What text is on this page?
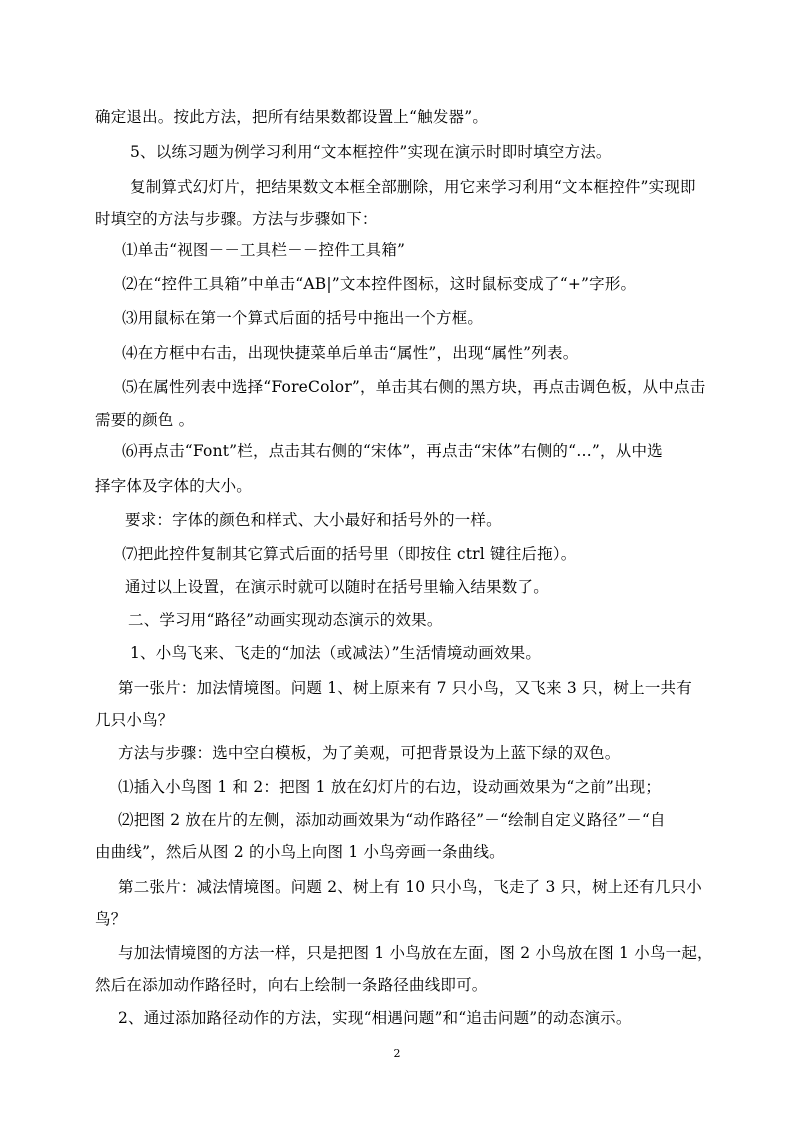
确定退出。按此方法，把所有结果数都设置上“触发器”。
5、以练习题为例学习利用“文本框控件”实现在演示时即时填空方法。
复制算式幻灯片，把结果数文本框全部删除，用它来学习利用“文本框控件”实现即
时填空的方法与步骤。方法与步骤如下：
⑴单击“视图－－工具栏－－控件工具箱”
⑵在“控件工具箱”中单击“AB|”文本控件图标，这时鼠标变成了“+”字形。
⑶用鼠标在第一个算式后面的括号中拖出一个方框。
⑷在方框中右击，出现快捷菜单后单击“属性”，出现“属性”列表。
⑸在属性列表中选择“ForeColor”，单击其右侧的黑方块，再点击调色板，从中点击
需要的颜色 。
⑹再点击“Font”栏，点击其右侧的“宋体”，再点击“宋体”右侧的“…”，从中选
择字体及字体的大小。
要求：字体的颜色和样式、大小最好和括号外的一样。
⑺把此控件复制其它算式后面的括号里（即按住 ctrl 键往后拖）。
通过以上设置，在演示时就可以随时在括号里输入结果数了。
二、学习用“路径”动画实现动态演示的效果。
1、小鸟飞来、飞走的“加法（或减法）”生活情境动画效果。
第一张片：加法情境图。问题 1、树上原来有 7 只小鸟，又飞来 3 只，树上一共有
几只小鸟？
方法与步骤：选中空白模板，为了美观，可把背景设为上蓝下绿的双色。
⑴插入小鸟图 1 和 2：把图 1 放在幻灯片的右边，设动画效果为“之前”出现；
⑵把图 2 放在片的左侧，添加动画效果为“动作路径”－“绘制自定义路径”－“自
由曲线”，然后从图 2 的小鸟上向图 1 小鸟旁画一条曲线。
第二张片：减法情境图。问题 2、树上有 10 只小鸟，飞走了 3 只，树上还有几只小
鸟？
与加法情境图的方法一样，只是把图 1 小鸟放在左面，图 2 小鸟放在图 1 小鸟一起，
然后在添加动作路径时，向右上绘制一条路径曲线即可。
2、通过添加路径动作的方法，实现“相遇问题”和“追击问题”的动态演示。
2
